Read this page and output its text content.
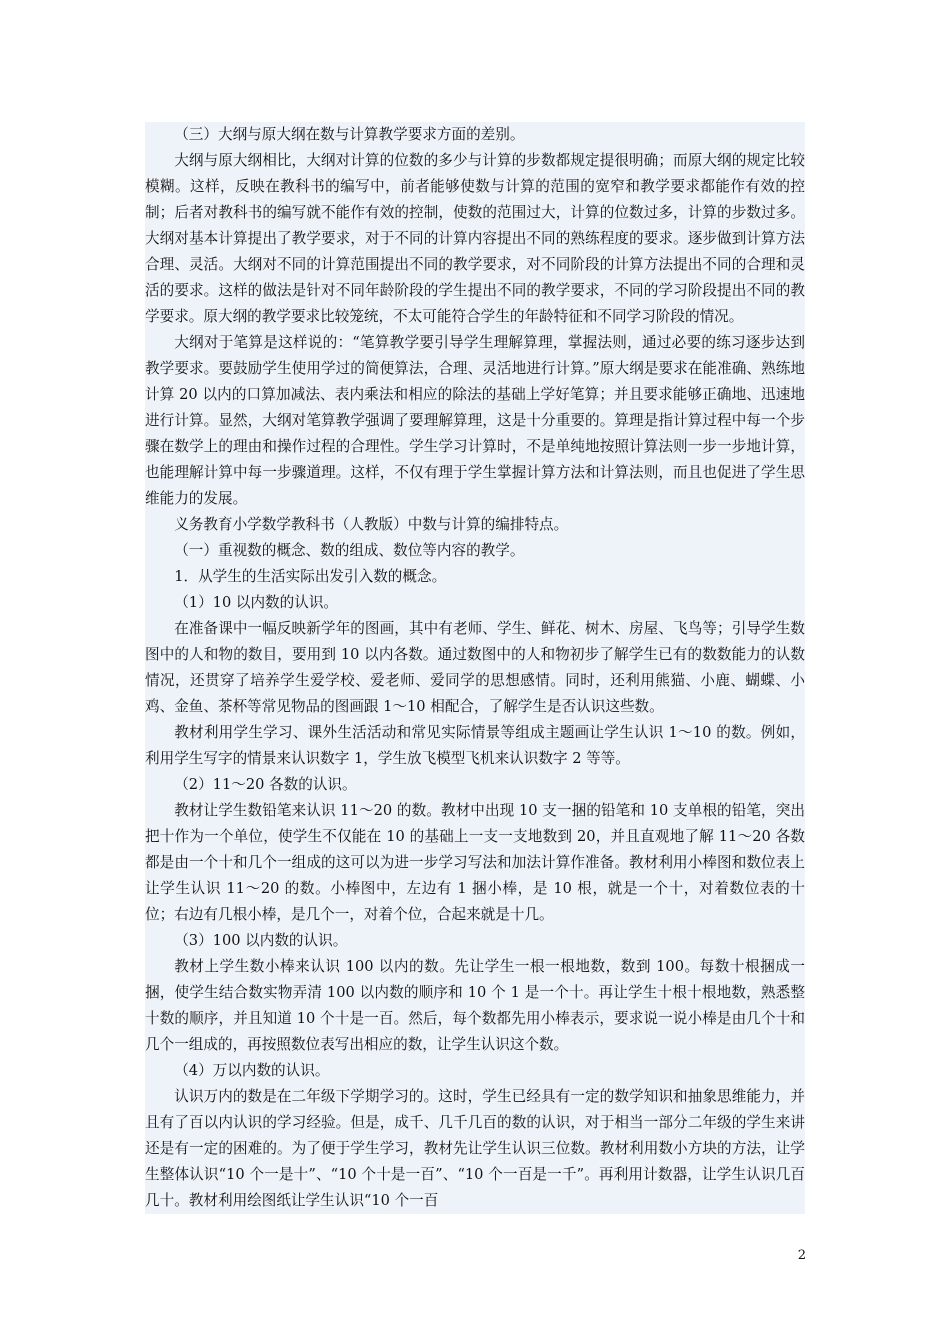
（三）大纲与原大纲在数与计算教学要求方面的差别。

大纲与原大纲相比，大纲对计算的位数的多少与计算的步数都规定提很明确；而原大纲的规定比较模糊。这样，反映在教科书的编写中，前者能够使数与计算的范围的宽窄和教学要求都能作有效的控制；后者对教科书的编写就不能作有效的控制，使数的范围过大，计算的位数过多，计算的步数过多。大纲对基本计算提出了教学要求，对于不同的计算内容提出不同的熟练程度的要求。逐步做到计算方法合理、灵活。大纲对不同的计算范围提出不同的教学要求，对不同阶段的计算方法提出不同的合理和灵活的要求。这样的做法是针对不同年龄阶段的学生提出不同的教学要求，不同的学习阶段提出不同的教学要求。原大纲的教学要求比较笼统，不太可能符合学生的年龄特征和不同学习阶段的情况。

大纲对于笔算是这样说的：“笔算教学要引导学生理解算理，掌握法则，通过必要的练习逐步达到教学要求。要鼓励学生使用学过的简便算法，合理、灵活地进行计算。”原大纲是要求在能准确、熟练地计算 20 以内的口算加减法、表内乘法和相应的除法的基础上学好笔算；并且要求能够正确地、迅速地进行计算。显然，大纲对笔算教学强调了要理解算理，这是十分重要的。算理是指计算过程中每一个步骤在数学上的理由和操作过程的合理性。学生学习计算时，不是单纯地按照计算法则一步一步地计算，也能理解计算中每一步骤道理。这样，不仅有理于学生掌握计算方法和计算法则，而且也促进了学生思维能力的发展。

义务教育小学数学教科书（人教版）中数与计算的编排特点。

（一）重视数的概念、数的组成、数位等内容的教学。

1．从学生的生活实际出发引入数的概念。

（1）10 以内数的认识。

在准备课中一幅反映新学年的图画，其中有老师、学生、鲜花、树木、房屋、飞鸟等；引导学生数图中的人和物的数目，要用到 10 以内各数。通过数图中的人和物初步了解学生已有的数数能力的认数情况，还贯穿了培养学生爱学校、爱老师、爱同学的思想感情。同时，还利用熊猫、小鹿、蝴蝶、小鸡、金鱼、茶杯等常见物品的图画跟 1～10 相配合，了解学生是否认识这些数。

教材利用学生学习、课外生活活动和常见实际情景等组成主题画让学生认识 1～10 的数。例如，利用学生写字的情景来认识数字 1，学生放飞模型飞机来认识数字 2 等等。

（2）11～20 各数的认识。

教材让学生数铅笔来认识 11～20 的数。教材中出现 10 支一捆的铅笔和 10 支单根的铅笔，突出把十作为一个单位，使学生不仅能在 10 的基础上一支一支地数到 20，并且直观地了解 11～20 各数都是由一个十和几个一组成的这可以为进一步学习写法和加法计算作准备。教材利用小棒图和数位表上让学生认识 11～20 的数。小棒图中，左边有 1 捆小棒，是 10 根，就是一个十，对着数位表的十位；右边有几根小棒，是几个一，对着个位，合起来就是十几。

（3）100 以内数的认识。

教材上学生数小棒来认识 100 以内的数。先让学生一根一根地数，数到 100。每数十根捆成一捆，使学生结合数实物弄清 100 以内数的顺序和 10 个 1 是一个十。再让学生十根十根地数，熟悉整十数的顺序，并且知道 10 个十是一百。然后，每个数都先用小棒表示，要求说一说小棒是由几个十和几个一组成的，再按照数位表写出相应的数，让学生认识这个数。

（4）万以内数的认识。

认识万内的数是在二年级下学期学习的。这时，学生已经具有一定的数学知识和抽象思维能力，并且有了百以内认识的学习经验。但是，成千、几千几百的数的认识，对于相当一部分二年级的学生来讲还是有一定的困难的。为了便于学生学习，教材先让学生认识三位数。教材利用数小方块的方法，让学生整体认识“10 个一是十”、“10 个十是一百”、“10 个一百是一千”。再利用计数器，让学生认识几百几十。教材利用绘图纸让学生认识“10 个一百

2
